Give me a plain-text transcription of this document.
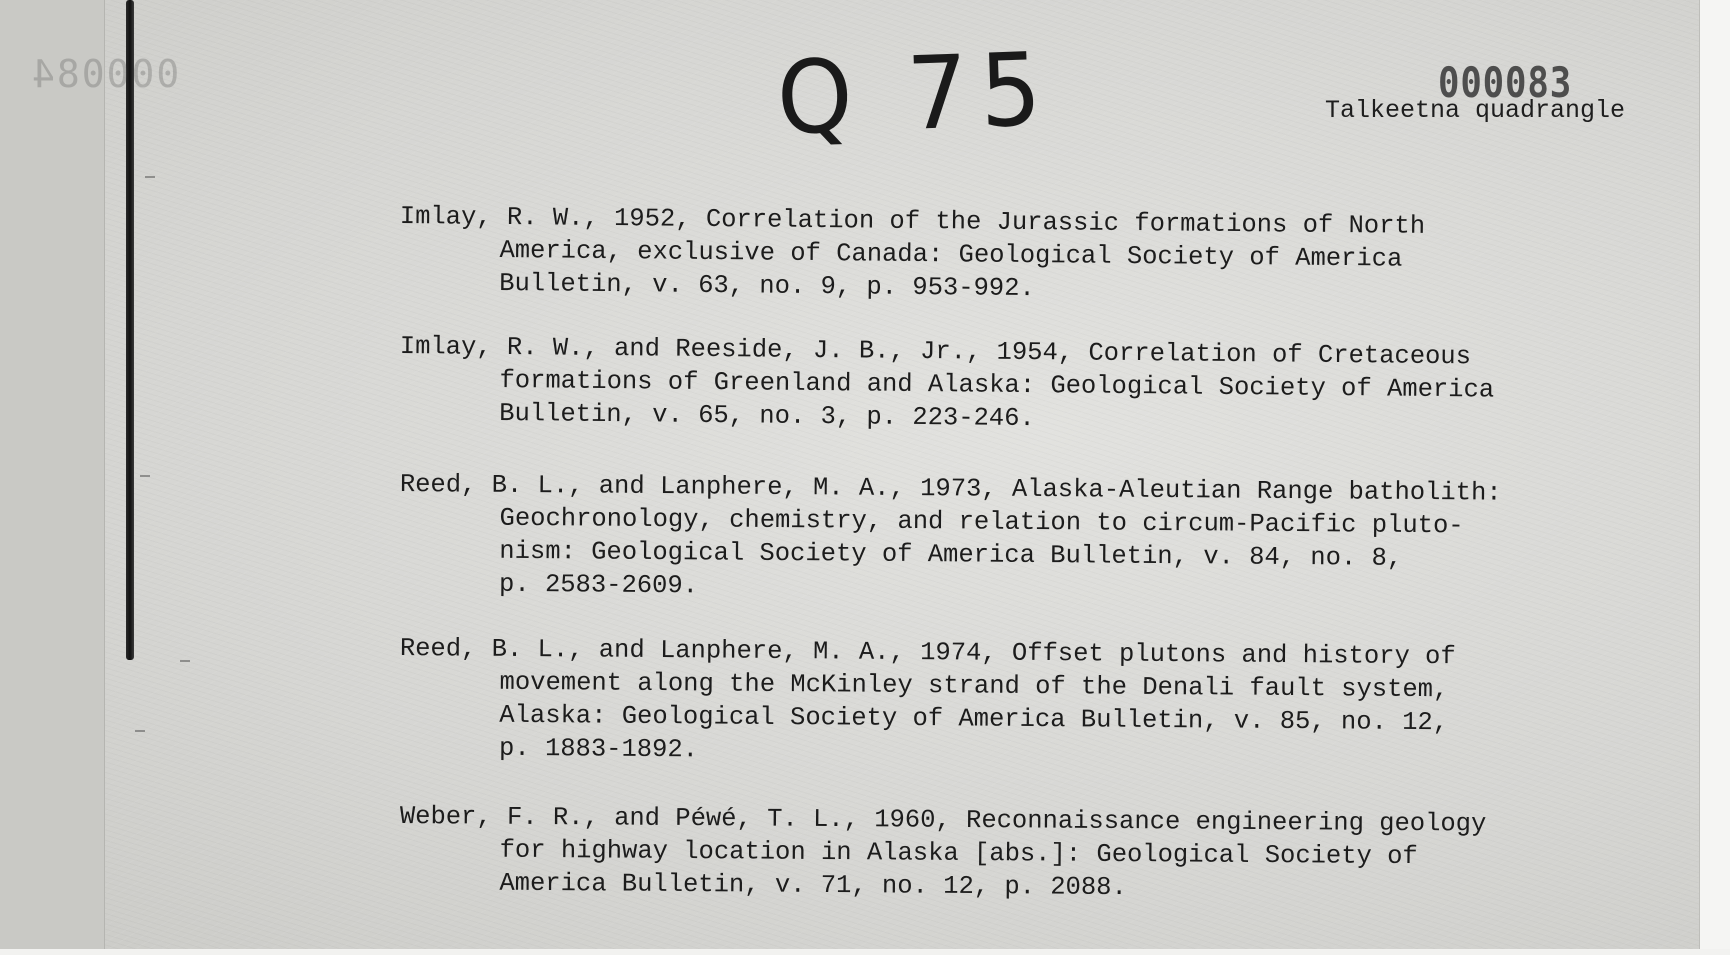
000084	Q 75	Talkeetna quadrangle
000083
Imlay, R. W., 1952, Correlation of the Jurassic formations of North
America, exclusive of Canada: Geological Society of America
Bulletin, v. 63, no. 9, p. 953-992.
Imlay, R. W., and Reeside, J. B., Jr., 1954, Correlation of Cretaceous
formations of Greenland and Alaska: Geological Society of America
Bulletin, v. 65, no. 3, p. 223-246.
Reed, B. L., and Lanphere, M. A., 1973, Alaska-Aleutian Range batholith:
Geochronology, chemistry, and relation to circum-Pacific pluto-
nism: Geological Society of America Bulletin, v. 84, no. 8,
p. 2583-2609.
Reed, B. L., and Lanphere, M. A., 1974, Offset plutons and history of
movement along the McKinley strand of the Denali fault system,
Alaska: Geological Society of America Bulletin, v. 85, no. 12,
p. 1883-1892.
Weber, F. R., and Péwé, T. L., 1960, Reconnaissance engineering geology
for highway location in Alaska [abs.]: Geological Society of
America Bulletin, v. 71, no. 12, p. 2088.
